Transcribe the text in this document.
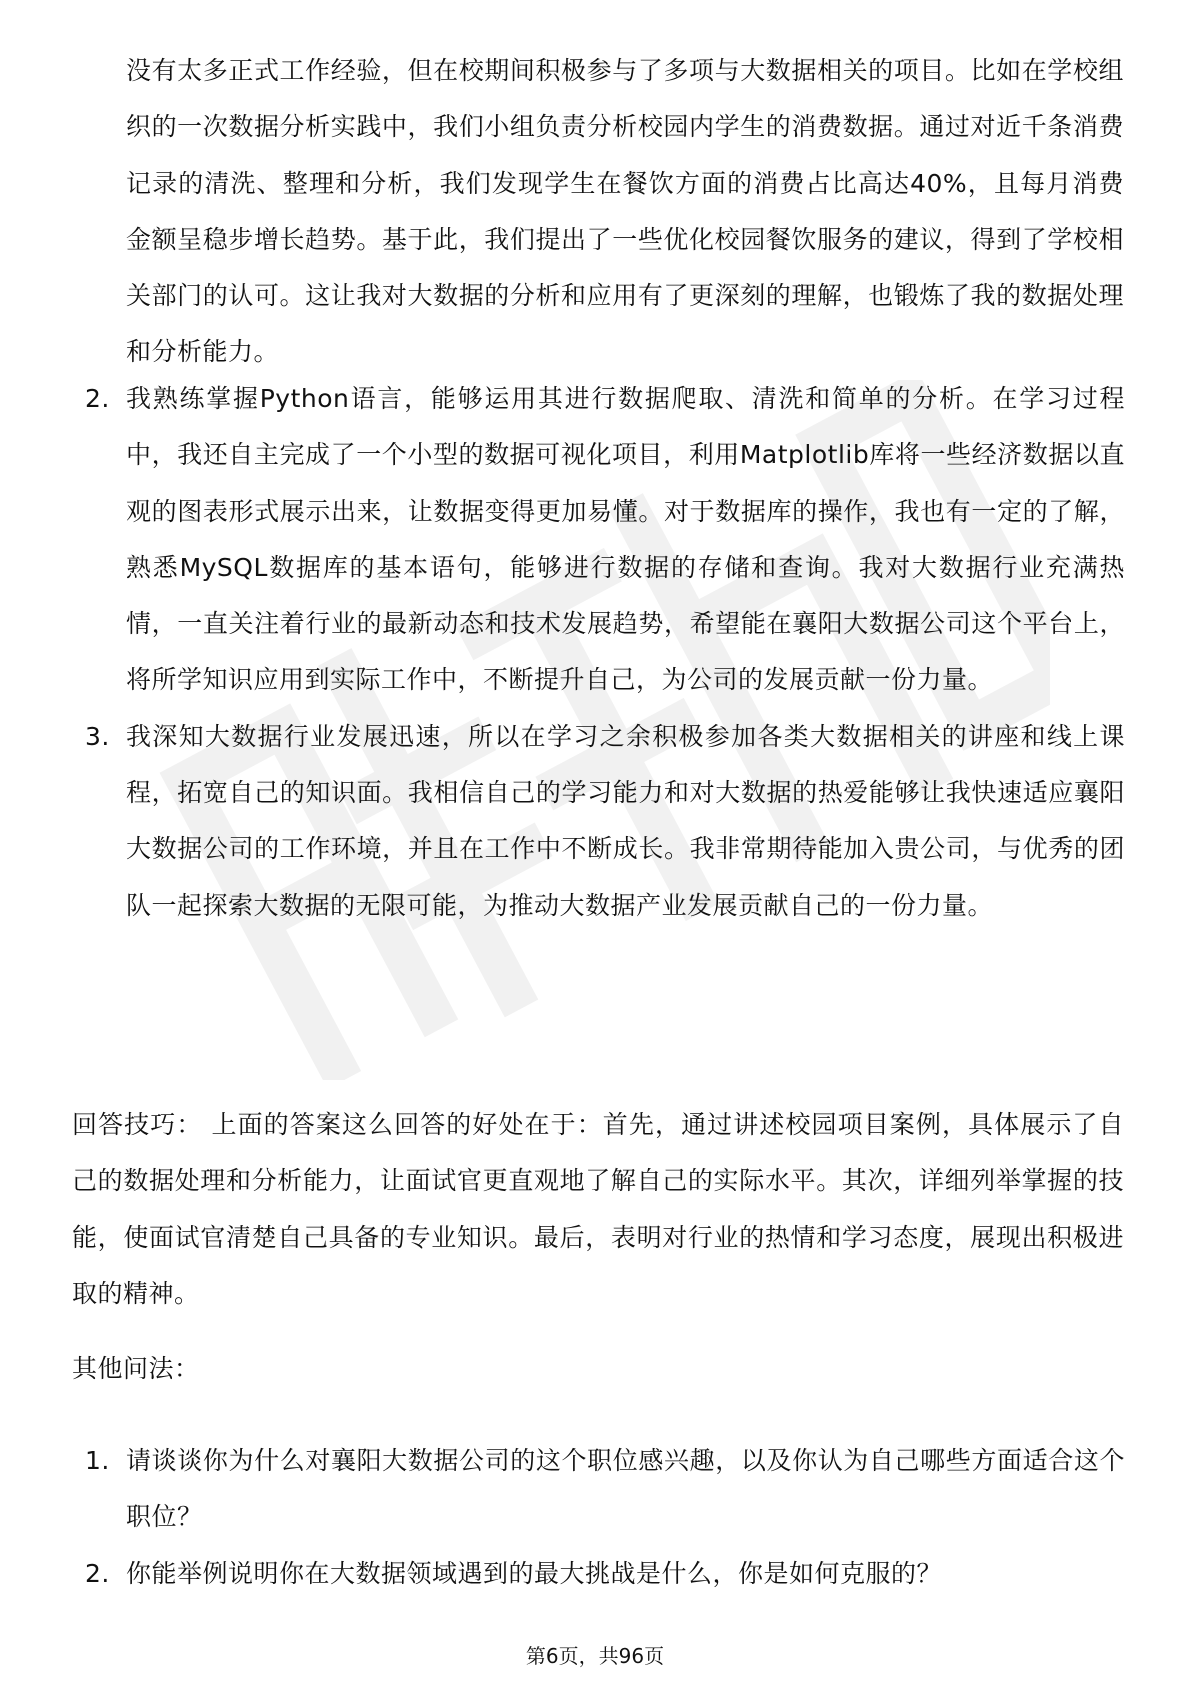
没有太多正式工作经验，但在校期间积极参与了多项与大数据相关的项目。比如在学校组织的一次数据分析实践中，我们小组负责分析校园内学生的消费数据。通过对近千条消费记录的清洗、整理和分析，我们发现学生在餐饮方面的消费占比高达40%，且每月消费金额呈稳步增长趋势。基于此，我们提出了一些优化校园餐饮服务的建议，得到了学校相关部门的认可。这让我对大数据的分析和应用有了更深刻的理解，也锻炼了我的数据处理和分析能力。

2. 我熟练掌握Python语言，能够运用其进行数据爬取、清洗和简单的分析。在学习过程中，我还自主完成了一个小型的数据可视化项目，利用Matplotlib库将一些经济数据以直观的图表形式展示出来，让数据变得更加易懂。对于数据库的操作，我也有一定的了解，熟悉MySQL数据库的基本语句，能够进行数据的存储和查询。我对大数据行业充满热情，一直关注着行业的最新动态和技术发展趋势，希望能在襄阳大数据公司这个平台上，将所学知识应用到实际工作中，不断提升自己，为公司的发展贡献一份力量。
3. 我深知大数据行业发展迅速，所以在学习之余积极参加各类大数据相关的讲座和线上课程，拓宽自己的知识面。我相信自己的学习能力和对大数据的热爱能够让我快速适应襄阳大数据公司的工作环境，并且在工作中不断成长。我非常期待能加入贵公司，与优秀的团队一起探索大数据的无限可能，为推动大数据产业发展贡献自己的一份力量。

回答技巧： 上面的答案这么回答的好处在于：首先，通过讲述校园项目案例，具体展示了自己的数据处理和分析能力，让面试官更直观地了解自己的实际水平。其次，详细列举掌握的技能，使面试官清楚自己具备的专业知识。最后，表明对行业的热情和学习态度，展现出积极进取的精神。

其他问法：

1. 请谈谈你为什么对襄阳大数据公司的这个职位感兴趣，以及你认为自己哪些方面适合这个职位？
2. 你能举例说明你在大数据领域遇到的最大挑战是什么，你是如何克服的？
第6页，共96页
